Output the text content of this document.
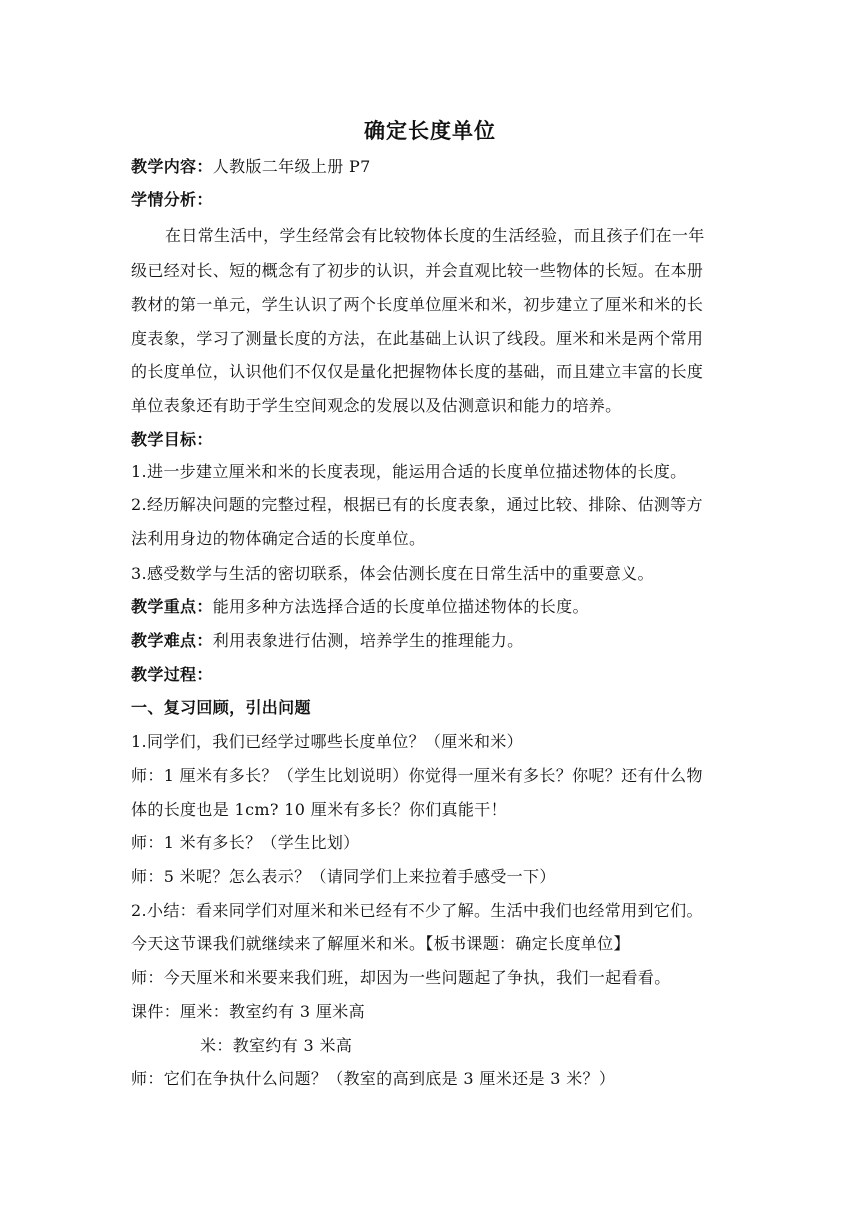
确定长度单位
教学内容：人教版二年级上册 P7
学情分析：
在日常生活中，学生经常会有比较物体长度的生活经验，而且孩子们在一年
级已经对长、短的概念有了初步的认识，并会直观比较一些物体的长短。在本册
教材的第一单元，学生认识了两个长度单位厘米和米，初步建立了厘米和米的长
度表象，学习了测量长度的方法，在此基础上认识了线段。厘米和米是两个常用
的长度单位，认识他们不仅仅是量化把握物体长度的基础，而且建立丰富的长度
单位表象还有助于学生空间观念的发展以及估测意识和能力的培养。
教学目标：
1.进一步建立厘米和米的长度表现，能运用合适的长度单位描述物体的长度。
2.经历解决问题的完整过程，根据已有的长度表象，通过比较、排除、估测等方
法利用身边的物体确定合适的长度单位。
3.感受数学与生活的密切联系，体会估测长度在日常生活中的重要意义。
教学重点：能用多种方法选择合适的长度单位描述物体的长度。
教学难点：利用表象进行估测，培养学生的推理能力。
教学过程：
一、复习回顾，引出问题
1.同学们，我们已经学过哪些长度单位？（厘米和米）
师：1 厘米有多长？（学生比划说明）你觉得一厘米有多长？你呢？还有什么物
体的长度也是 1cm? 10 厘米有多长？你们真能干！
师：1 米有多长？（学生比划）
师：5 米呢？怎么表示？（请同学们上来拉着手感受一下）
2.小结：看来同学们对厘米和米已经有不少了解。生活中我们也经常用到它们。
今天这节课我们就继续来了解厘米和米。【板书课题：确定长度单位】
师：今天厘米和米要来我们班，却因为一些问题起了争执，我们一起看看。
课件：厘米：教室约有 3 厘米高
米：教室约有 3 米高
师：它们在争执什么问题？（教室的高到底是 3 厘米还是 3 米？）
